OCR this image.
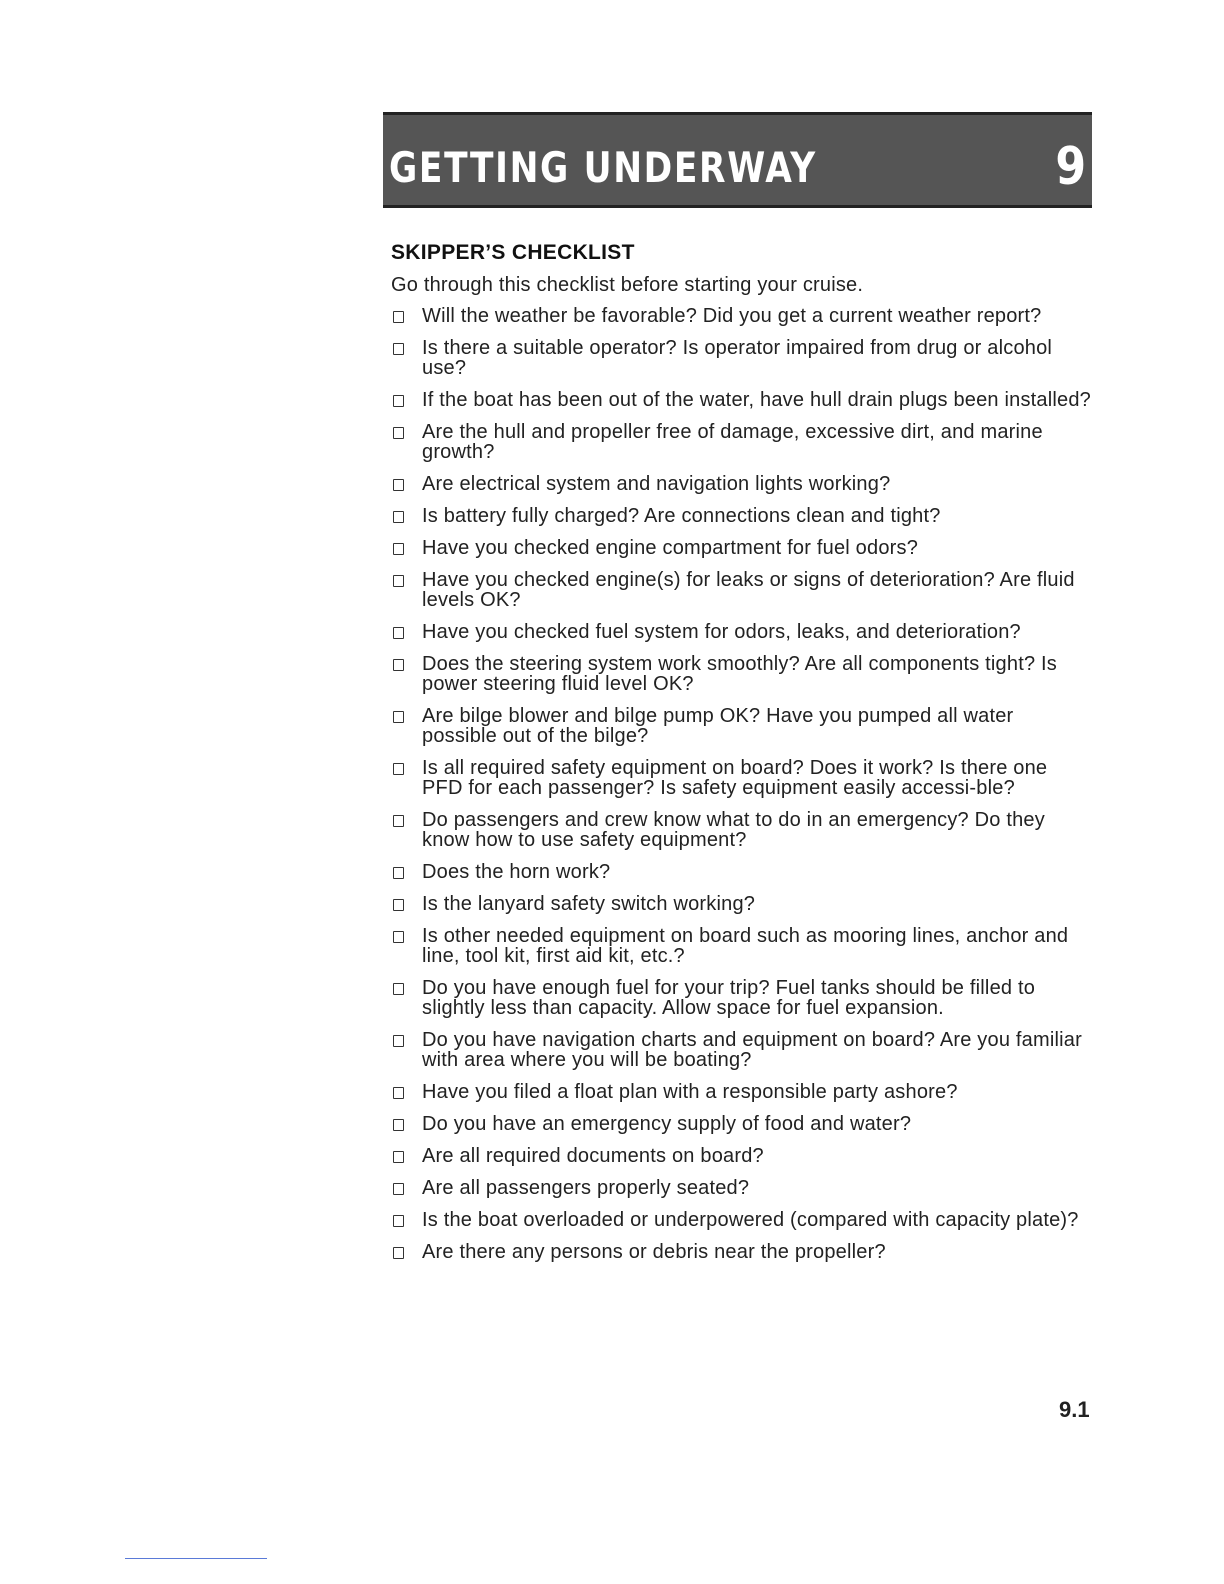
GETTING UNDERWAY	9
SKIPPER’S CHECKLIST

Go through this checklist before starting your cruise.

Will the weather be favorable? Did you get a current weather report?
Is there a suitable operator? Is operator impaired from drug or alcohol use?
If the boat has been out of the water, have hull drain plugs been installed?
Are the hull and propeller free of damage, excessive dirt, and marine growth?
Are electrical system and navigation lights working?
Is battery fully charged? Are connections clean and tight?
Have you checked engine compartment for fuel odors?
Have you checked engine(s) for leaks or signs of deterioration? Are fluid levels OK?
Have you checked fuel system for odors, leaks, and deterioration?
Does the steering system work smoothly? Are all components tight? Is power steering fluid level OK?
Are bilge blower and bilge pump OK? Have you pumped all water possible out of the bilge?
Is all required safety equipment on board? Does it work? Is there one PFD for each passenger? Is safety equipment easily accessi-ble?
Do passengers and crew know what to do in an emergency? Do they know how to use safety equipment?
Does the horn work?
Is the lanyard safety switch working?
Is other needed equipment on board such as mooring lines, anchor and line, tool kit, first aid kit, etc.?
Do you have enough fuel for your trip? Fuel tanks should be filled to slightly less than capacity. Allow space for fuel expansion.
Do you have navigation charts and equipment on board? Are you familiar with area where you will be boating?
Have you filed a float plan with a responsible party ashore?
Do you have an emergency supply of food and water?
Are all required documents on board?
Are all passengers properly seated?
Is the boat overloaded or underpowered (compared with capacity plate)?
Are there any persons or debris near the propeller?

9.1
